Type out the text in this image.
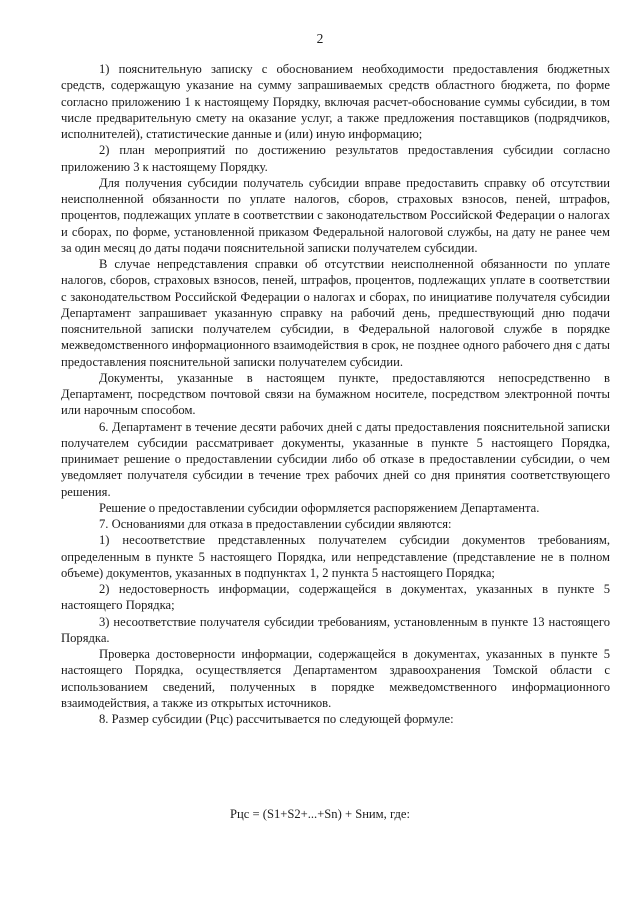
2

1) пояснительную записку с обоснованием необходимости предоставления бюджетных средств, содержащую указание на сумму запрашиваемых средств областного бюджета, по форме согласно приложению 1 к настоящему Порядку, включая расчет-обоснование суммы субсидии, в том числе предварительную смету на оказание услуг, а также предложения поставщиков (подрядчиков, исполнителей), статистические данные и (или) иную информацию;

2) план мероприятий по достижению результатов предоставления субсидии согласно приложению 3 к настоящему Порядку.

Для получения субсидии получатель субсидии вправе предоставить справку об отсутствии неисполненной обязанности по уплате налогов, сборов, страховых взносов, пеней, штрафов, процентов, подлежащих уплате в соответствии с законодательством Российской Федерации о налогах и сборах, по форме, установленной приказом Федеральной налоговой службы, на дату не ранее чем за один месяц до даты подачи пояснительной записки получателем субсидии.

В случае непредставления справки об отсутствии неисполненной обязанности по уплате налогов, сборов, страховых взносов, пеней, штрафов, процентов, подлежащих уплате в соответствии с законодательством Российской Федерации о налогах и сборах, по инициативе получателя субсидии Департамент запрашивает указанную справку на рабочий день, предшествующий дню подачи пояснительной записки получателем субсидии, в Федеральной налоговой службе в порядке межведомственного информационного взаимодействия в срок, не позднее одного рабочего дня с даты предоставления пояснительной записки получателем субсидии.

Документы, указанные в настоящем пункте, предоставляются непосредственно в Департамент, посредством почтовой связи на бумажном носителе, посредством электронной почты или нарочным способом.

6. Департамент в течение десяти рабочих дней с даты предоставления пояснительной записки получателем субсидии рассматривает документы, указанные в пункте 5 настоящего Порядка, принимает решение о предоставлении субсидии либо об отказе в предоставлении субсидии, о чем уведомляет получателя субсидии в течение трех рабочих дней со дня принятия соответствующего решения.

Решение о предоставлении субсидии оформляется распоряжением Департамента.

7. Основаниями для отказа в предоставлении субсидии являются:

1) несоответствие представленных получателем субсидии документов требованиям, определенным в пункте 5 настоящего Порядка, или непредставление (представление не в полном объеме) документов, указанных в подпунктах 1, 2 пункта 5 настоящего Порядка;

2) недостоверность информации, содержащейся в документах, указанных в пункте 5 настоящего Порядка;

3) несоответствие получателя субсидии требованиям, установленным в пункте 13 настоящего Порядка.

Проверка достоверности информации, содержащейся в документах, указанных в пункте 5 настоящего Порядка, осуществляется Департаментом здравоохранения Томской области с использованием сведений, полученных в порядке межведомственного информационного взаимодействия, а также из открытых источников.

8. Размер субсидии (Рцс) рассчитывается по следующей формуле:

Рцс = (S1+S2+...+Sn) + Sним, где:
